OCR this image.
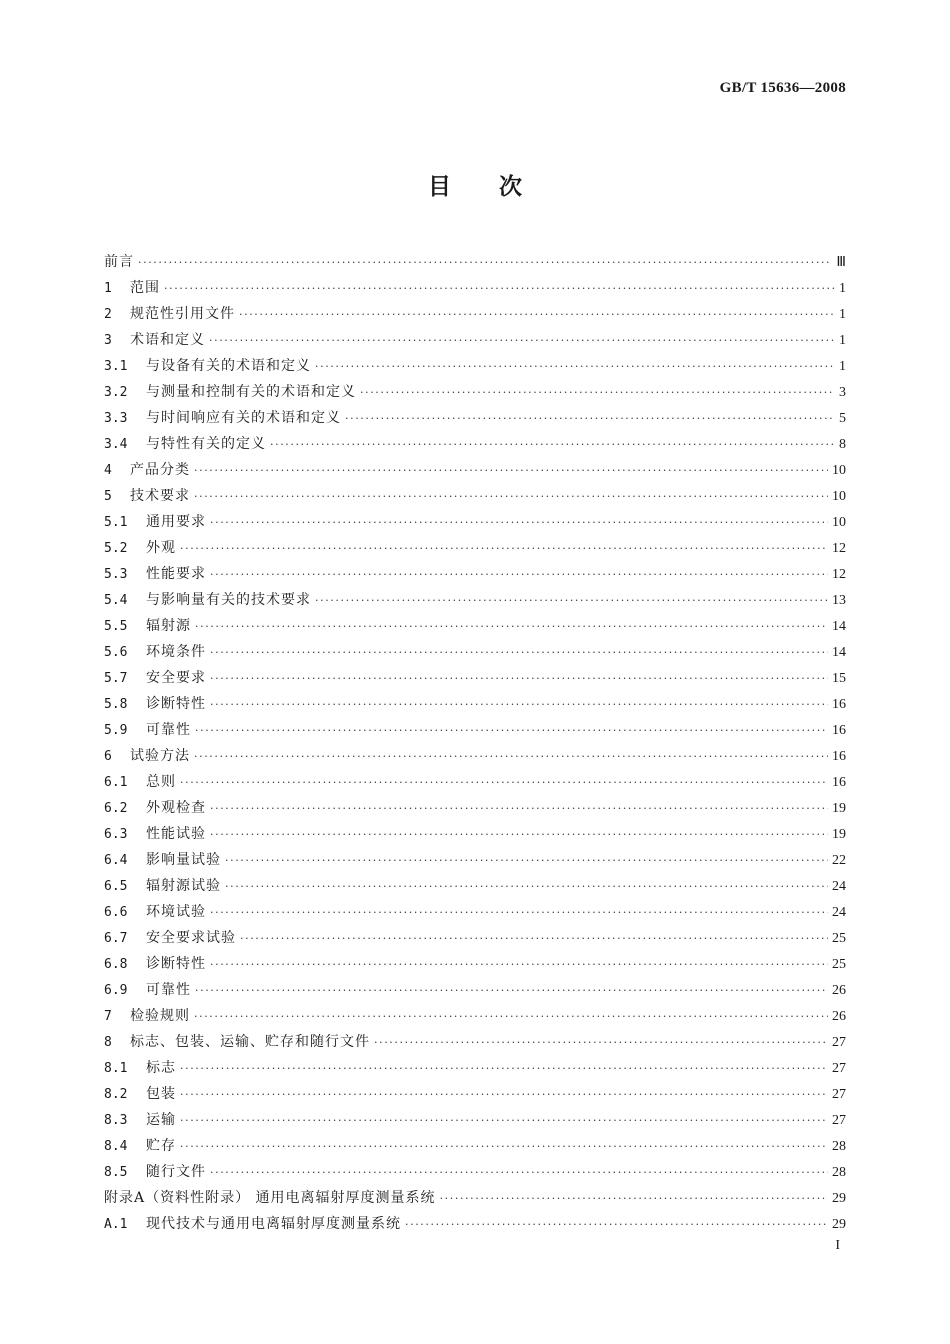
GB/T 15636—2008
目次
前言 ·····	Ⅲ
1	范围 ·····	1
2	规范性引用文件 ·····	1
3	术语和定义 ·····	1
3.1	与设备有关的术语和定义 ·····	1
3.2	与测量和控制有关的术语和定义 ·····	3
3.3	与时间响应有关的术语和定义 ·····	5
3.4	与特性有关的定义 ·····	8
4	产品分类 ·····	10
5	技术要求 ·····	10
5.1	通用要求 ·····	10
5.2	外观 ·····	12
5.3	性能要求 ·····	12
5.4	与影响量有关的技术要求 ·····	13
5.5	辐射源 ·····	14
5.6	环境条件 ·····	14
5.7	安全要求 ·····	15
5.8	诊断特性 ·····	16
5.9	可靠性 ·····	16
6	试验方法 ·····	16
6.1	总则 ·····	16
6.2	外观检查 ·····	19
6.3	性能试验 ·····	19
6.4	影响量试验 ·····	22
6.5	辐射源试验 ·····	24
6.6	环境试验 ·····	24
6.7	安全要求试验 ·····	25
6.8	诊断特性 ·····	25
6.9	可靠性 ·····	26
7	检验规则 ·····	26
8	标志、包装、运输、贮存和随行文件 ·····	27
8.1	标志 ·····	27
8.2	包装 ·····	27
8.3	运输 ·····	27
8.4	贮存 ·····	28
8.5	随行文件 ·····	28
附录A（资料性附录） 通用电离辐射厚度测量系统 ·····	29
A.1	现代技术与通用电离辐射厚度测量系统 ·····	29
I
